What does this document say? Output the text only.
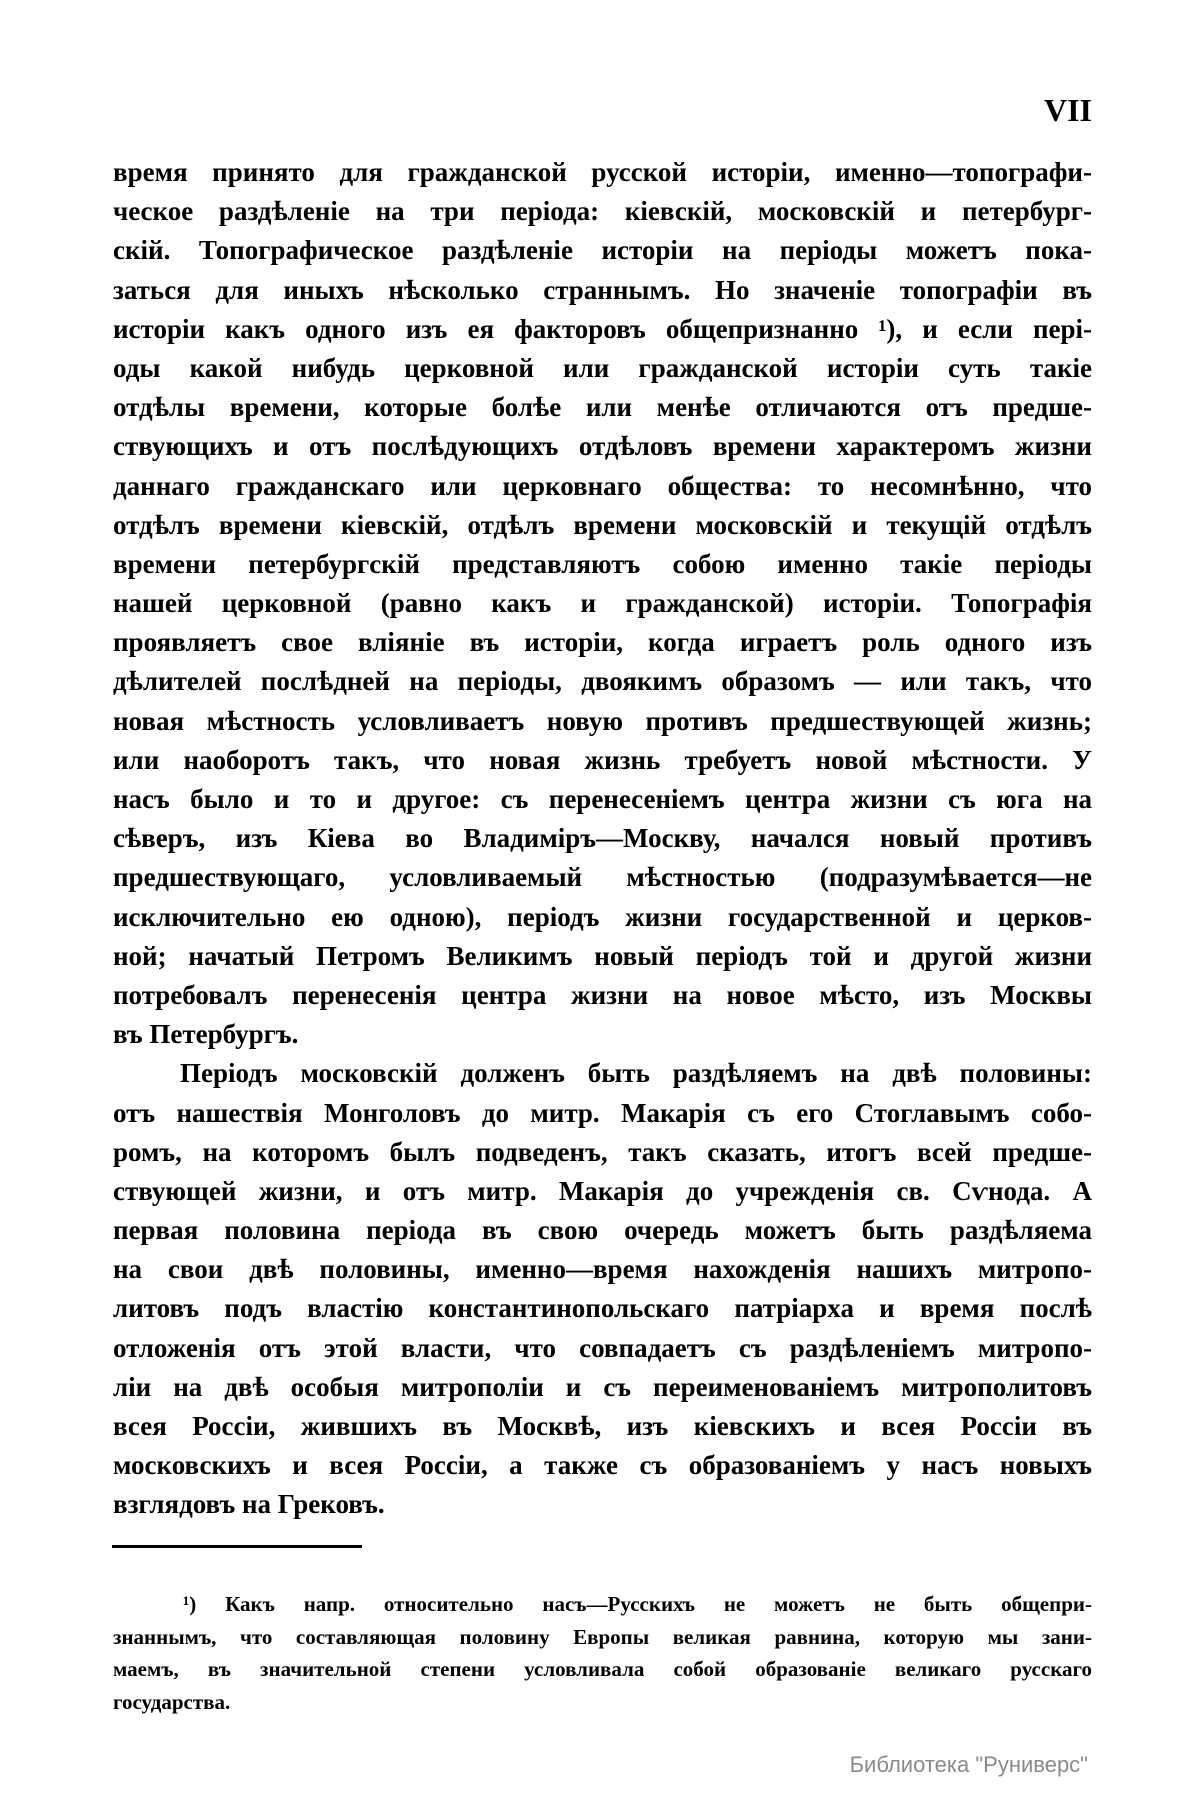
VII
время принято для гражданской русской исторіи, именно—топографи-
ческое раздѣленіе на три періода: кіевскій, московскій и петербург-
скій. Топографическое раздѣленіе исторіи на періоды можетъ пока-
заться для иныхъ нѣсколько страннымъ. Но значеніе топографіи въ
исторіи какъ одного изъ ея факторовъ общепризнанно ¹), и если пері-
оды какой нибудь церковной или гражданской исторіи суть такіе
отдѣлы времени, которые болѣе или менѣе отличаются отъ предше-
ствующихъ и отъ послѣдующихъ отдѣловъ времени характеромъ жизни
даннаго гражданскаго или церковнаго общества: то несомнѣнно, что
отдѣлъ времени кіевскій, отдѣлъ времени московскій и текущій отдѣлъ
времени петербургскій представляютъ собою именно такіе періоды
нашей церковной (равно какъ и гражданской) исторіи. Топографія
проявляетъ свое вліяніе въ исторіи, когда играетъ роль одного изъ
дѣлителей послѣдней на періоды, двоякимъ образомъ — или такъ, что
новая мѣстность условливаетъ новую противъ предшествующей жизнь;
или наоборотъ такъ, что новая жизнь требуетъ новой мѣстности. У
насъ было и то и другое: съ перенесеніемъ центра жизни съ юга на
сѣверъ, изъ Кіева во Владиміръ—Москву, начался новый противъ
предшествующаго, условливаемый мѣстностью (подразумѣвается—не
исключительно ею одною), періодъ жизни государственной и церков-
ной; начатый Петромъ Великимъ новый періодъ той и другой жизни
потребовалъ перенесенія центра жизни на новое мѣсто, изъ Москвы
въ Петербургъ.
Періодъ московскій долженъ быть раздѣляемъ на двѣ половины:
отъ нашествія Монголовъ до митр. Макарія съ его Стоглавымъ собо-
ромъ, на которомъ былъ подведенъ, такъ сказать, итогъ всей предше-
ствующей жизни, и отъ митр. Макарія до учрежденія св. Сѵнода. А
первая половина періода въ свою очередь можетъ быть раздѣляема
на свои двѣ половины, именно—время нахожденія нашихъ митропо-
литовъ подъ властію константинопольскаго патріарха и время послѣ
отложенія отъ этой власти, что совпадаетъ съ раздѣленіемъ митропо-
ліи на двѣ особыя митрополіи и съ переименованіемъ митрополитовъ
всея Россіи, жившихъ въ Москвѣ, изъ кіевскихъ и всея Россіи въ
московскихъ и всея Россіи, а также съ образованіемъ у насъ новыхъ
взглядовъ на Грековъ.
¹) Какъ напр. относительно насъ—Русскихъ не можетъ не быть общепри-
знаннымъ, что составляющая половину Европы великая равнина, которую мы зани-
маемъ, въ значительной степени условливала собой образованіе великаго русскаго
государства.
Библиотека "Руниверс"
